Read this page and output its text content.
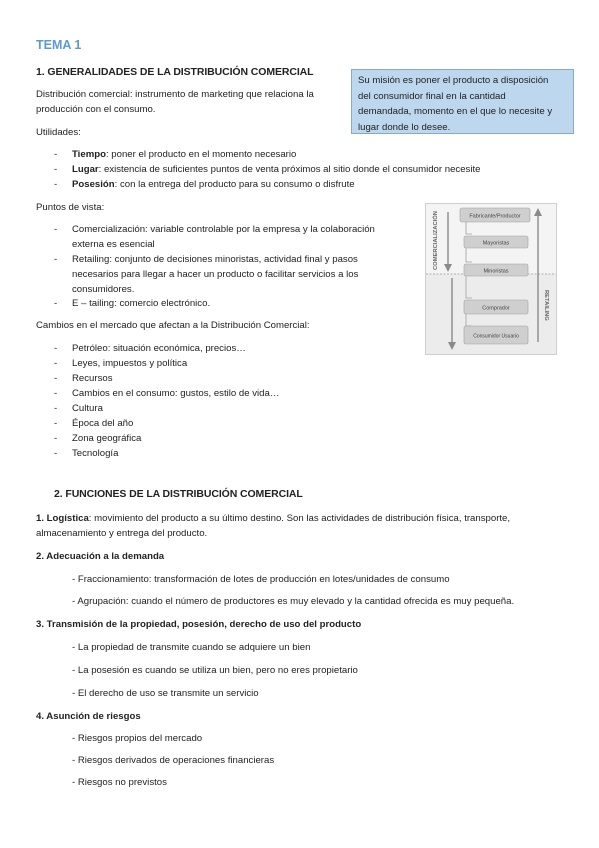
TEMA 1
1. GENERALIDADES DE LA DISTRIBUCIÓN COMERCIAL
Distribución comercial: instrumento de marketing que relaciona la
producción con el consumo.
Utilidades:
- Tiempo: poner el producto en el momento necesario
- Lugar: existencia de suficientes puntos de venta próximos al sitio donde el consumidor necesite
- Posesión: con la entrega del producto para su consumo o disfrute
Puntos de vista:
- Comercialización: variable controlable por la empresa y la colaboración
externa es esencial
- Retailing: conjunto de decisiones minoristas, actividad final y pasos
necesarios para llegar a hacer un producto o facilitar servicios a los
consumidores.
- E – tailing: comercio electrónico.
Cambios en el mercado que afectan a la Distribución Comercial:
- Petróleo: situación económica, precios…
- Leyes, impuestos y política
- Recursos
- Cambios en el consumo: gustos, estilo de vida…
- Cultura
- Época del año
- Zona geográfica
- Tecnología
Su misión es poner el producto a disposición
del consumidor final en la cantidad
demandada, momento en el que lo necesite y
lugar donde lo desee.
Fabricante/Productor
Mayoristas
Minoristas
Comprador
Consumidor Usuario
COMERCIALIZACIÓN
RETAILING
2. FUNCIONES DE LA DISTRIBUCIÓN COMERCIAL
1. Logística: movimiento del producto a su último destino. Son las actividades de distribución física, transporte,
almacenamiento y entrega del producto.
2. Adecuación a la demanda
- Fraccionamiento: transformación de lotes de producción en lotes/unidades de consumo
- Agrupación: cuando el número de productores es muy elevado y la cantidad ofrecida es muy pequeña.
3. Transmisión de la propiedad, posesión, derecho de uso del producto
- La propiedad de transmite cuando se adquiere un bien
- La posesión es cuando se utiliza un bien, pero no eres propietario
- El derecho de uso se transmite un servicio
4. Asunción de riesgos
- Riesgos propios del mercado
- Riesgos derivados de operaciones financieras
- Riesgos no previstos
